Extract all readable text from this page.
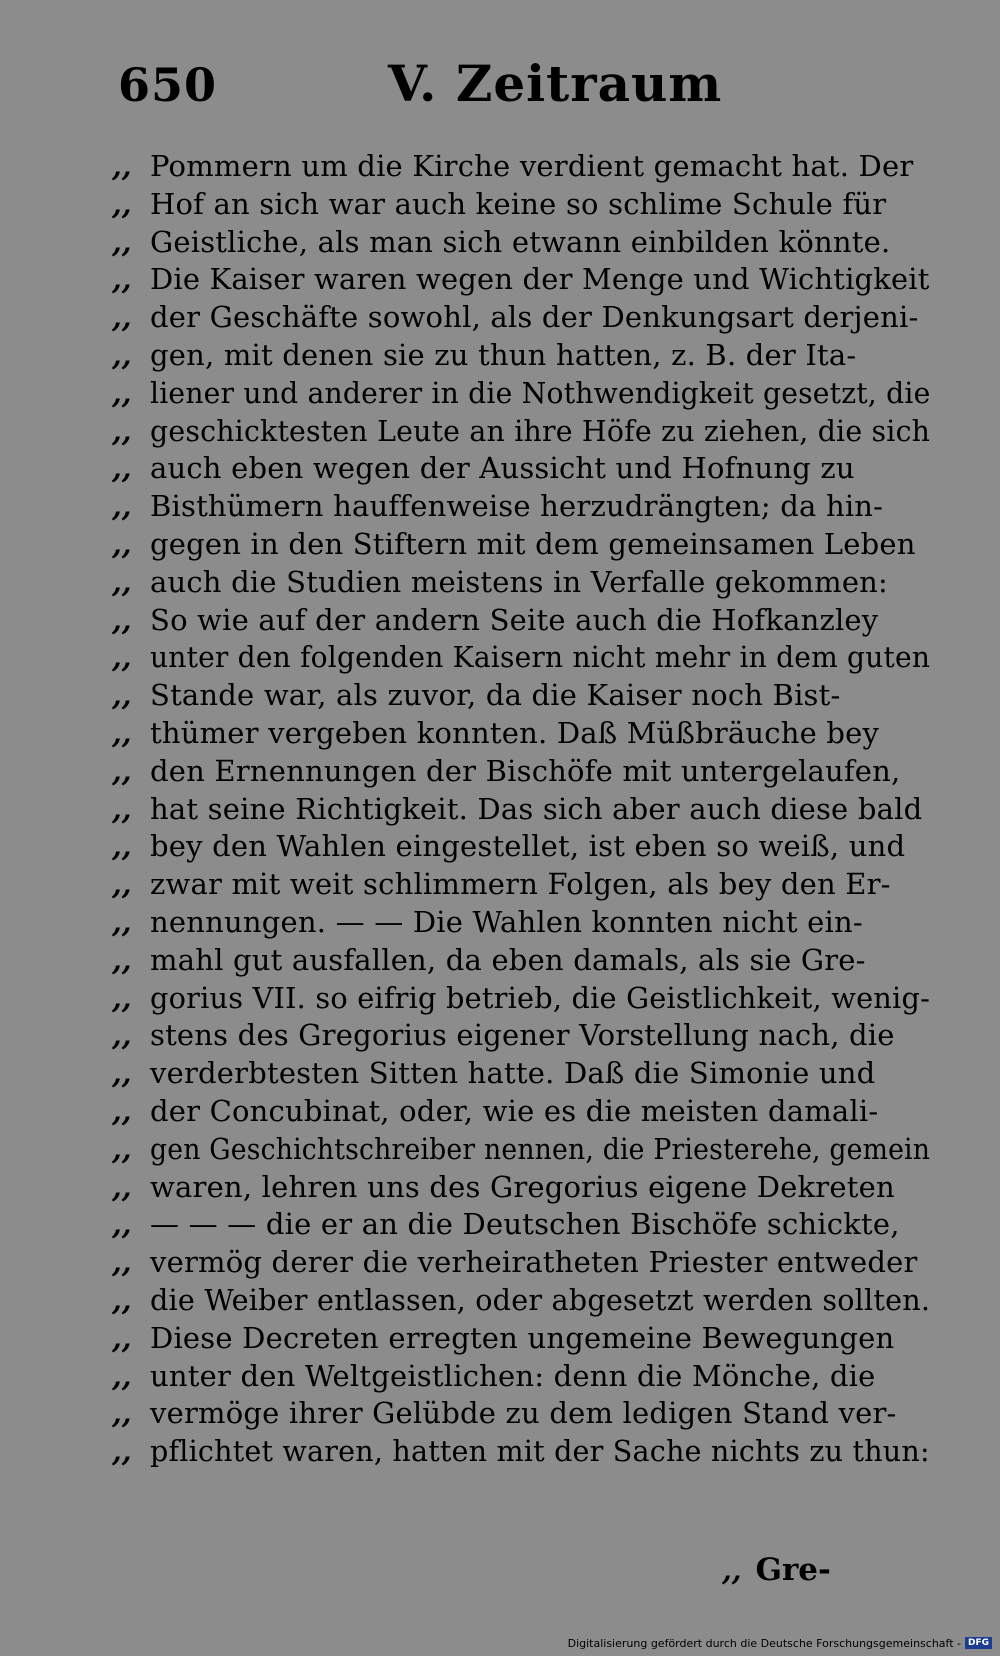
650	V. Zeitraum
,, Pommern um die Kirche verdient gemacht hat. Der
,, Hof an sich war auch keine so schlime Schule für
,, Geistliche, als man sich etwann einbilden könnte.
,, Die Kaiser waren wegen der Menge und Wichtigkeit
,, der Geschäfte sowohl, als der Denkungsart derjeni-
,, gen, mit denen sie zu thun hatten, z. B. der Ita-
,, liener und anderer in die Nothwendigkeit gesetzt, die
,, geschicktesten Leute an ihre Höfe zu ziehen, die sich
,, auch eben wegen der Aussicht und Hofnung zu
,, Bisthümern hauffenweise herzudrängten; da hin-
,, gegen in den Stiftern mit dem gemeinsamen Leben
,, auch die Studien meistens in Verfalle gekommen:
,, So wie auf der andern Seite auch die Hofkanzley
,, unter den folgenden Kaisern nicht mehr in dem guten
,, Stande war, als zuvor, da die Kaiser noch Bist-
,, thümer vergeben konnten. Daß Müßbräuche bey
,, den Ernennungen der Bischöfe mit untergelaufen,
,, hat seine Richtigkeit. Das sich aber auch diese bald
,, bey den Wahlen eingestellet, ist eben so weiß, und
,, zwar mit weit schlimmern Folgen, als bey den Er-
,, nennungen. — — Die Wahlen konnten nicht ein-
,, mahl gut ausfallen, da eben damals, als sie Gre-
,, gorius VII. so eifrig betrieb, die Geistlichkeit, wenig-
,, stens des Gregorius eigener Vorstellung nach, die
,, verderbtesten Sitten hatte. Daß die Simonie und
,, der Concubinat, oder, wie es die meisten damali-
,, gen Geschichtschreiber nennen, die Priesterehe, gemein
,, waren, lehren uns des Gregorius eigene Dekreten
,, — — — die er an die Deutschen Bischöfe schickte,
,, vermög derer die verheiratheten Priester entweder
,, die Weiber entlassen, oder abgesetzt werden sollten.
,, Diese Decreten erregten ungemeine Bewegungen
,, unter den Weltgeistlichen: denn die Mönche, die
,, vermöge ihrer Gelübde zu dem ledigen Stand ver-
,, pflichtet waren, hatten mit der Sache nichts zu thun:
,, Gre-
Digitalisierung gefördert durch die Deutsche Forschungsgemeinschaft - DFG
